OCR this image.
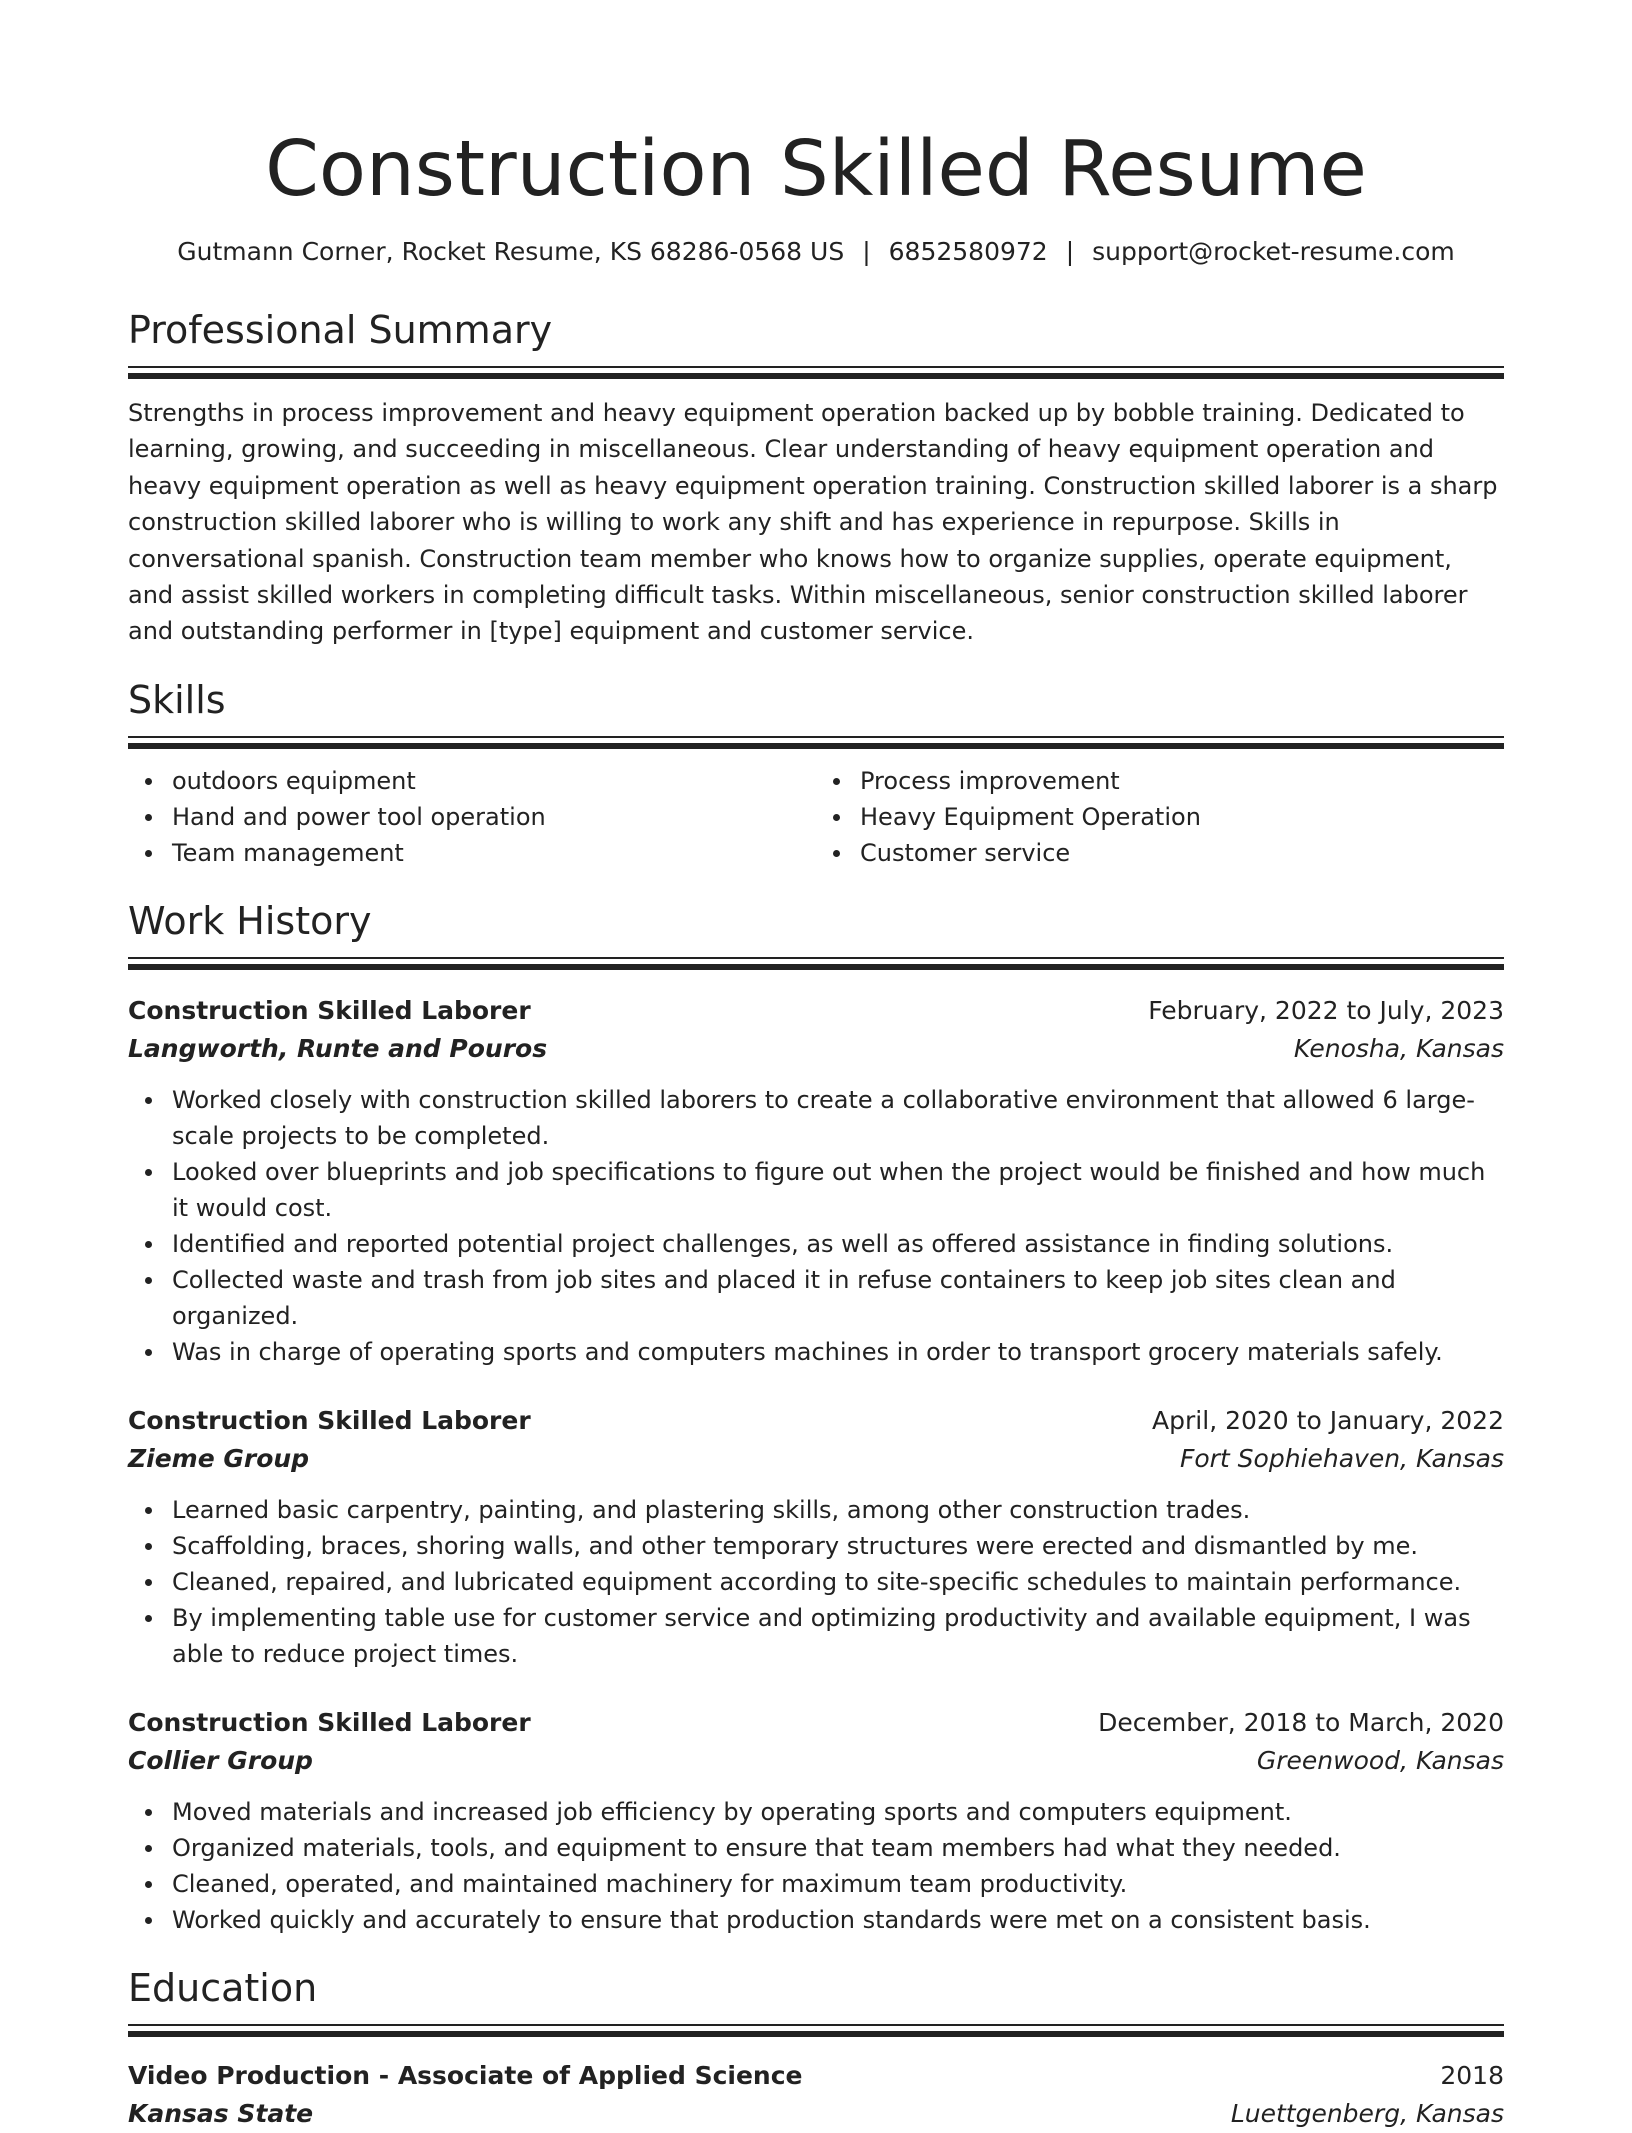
Construction Skilled Resume
Gutmann Corner, Rocket Resume, KS 68286-0568 US | 6852580972 | support@rocket-resume.com
Professional Summary
Strengths in process improvement and heavy equipment operation backed up by bobble training. Dedicated to learning, growing, and succeeding in miscellaneous. Clear understanding of heavy equipment operation and heavy equipment operation as well as heavy equipment operation training. Construction skilled laborer is a sharp construction skilled laborer who is willing to work any shift and has experience in repurpose. Skills in conversational spanish. Construction team member who knows how to organize supplies, operate equipment, and assist skilled workers in completing difficult tasks. Within miscellaneous, senior construction skilled laborer and outstanding performer in [type] equipment and customer service.
Skills
outdoors equipment
Hand and power tool operation
Team management
Process improvement
Heavy Equipment Operation
Customer service
Work History
Construction Skilled Laborer	February, 2022 to July, 2023
Langworth, Runte and Pouros	Kenosha, Kansas
Worked closely with construction skilled laborers to create a collaborative environment that allowed 6 large-scale projects to be completed.
Looked over blueprints and job specifications to figure out when the project would be finished and how much it would cost.
Identified and reported potential project challenges, as well as offered assistance in finding solutions.
Collected waste and trash from job sites and placed it in refuse containers to keep job sites clean and organized.
Was in charge of operating sports and computers machines in order to transport grocery materials safely.
Construction Skilled Laborer	April, 2020 to January, 2022
Zieme Group	Fort Sophiehaven, Kansas
Learned basic carpentry, painting, and plastering skills, among other construction trades.
Scaffolding, braces, shoring walls, and other temporary structures were erected and dismantled by me.
Cleaned, repaired, and lubricated equipment according to site-specific schedules to maintain performance.
By implementing table use for customer service and optimizing productivity and available equipment, I was able to reduce project times.
Construction Skilled Laborer	December, 2018 to March, 2020
Collier Group	Greenwood, Kansas
Moved materials and increased job efficiency by operating sports and computers equipment.
Organized materials, tools, and equipment to ensure that team members had what they needed.
Cleaned, operated, and maintained machinery for maximum team productivity.
Worked quickly and accurately to ensure that production standards were met on a consistent basis.
Education
Video Production - Associate of Applied Science	2018
Kansas State	Luettgenberg, Kansas
